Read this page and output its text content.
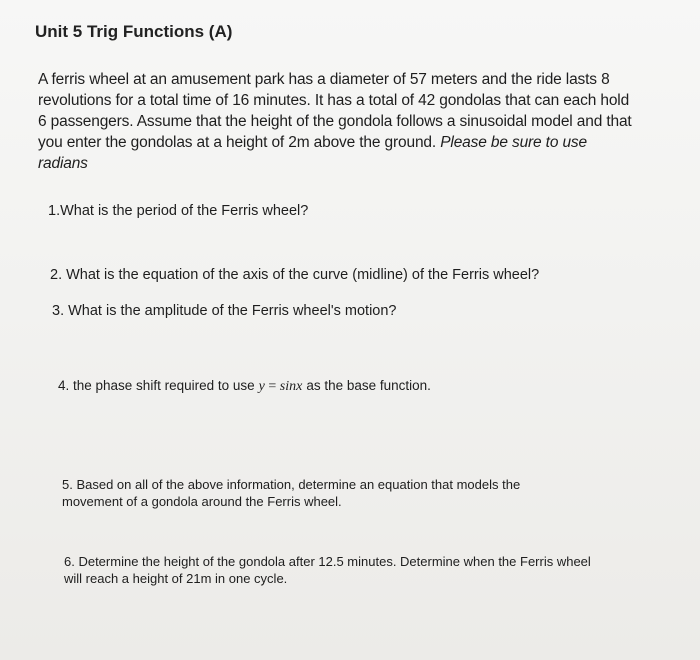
Unit 5 Trig Functions (A)

A ferris wheel at an amusement park has a diameter of 57 meters and the ride lasts 8 revolutions for a total time of 16 minutes. It has a total of 42 gondolas that can each hold 6 passengers. Assume that the height of the gondola follows a sinusoidal model and that you enter the gondolas at a height of 2m above the ground. Please be sure to use radians

1.What is the period of the Ferris wheel?

2. What is the equation of the axis of the curve (midline) of the Ferris wheel?

3. What is the amplitude of the Ferris wheel's motion?

4. the phase shift required to use y = sinx as the base function.

5. Based on all of the above information, determine an equation that models the movement of a gondola around the Ferris wheel.

6. Determine the height of the gondola after 12.5 minutes. Determine when the Ferris wheel will reach a height of 21m in one cycle.
